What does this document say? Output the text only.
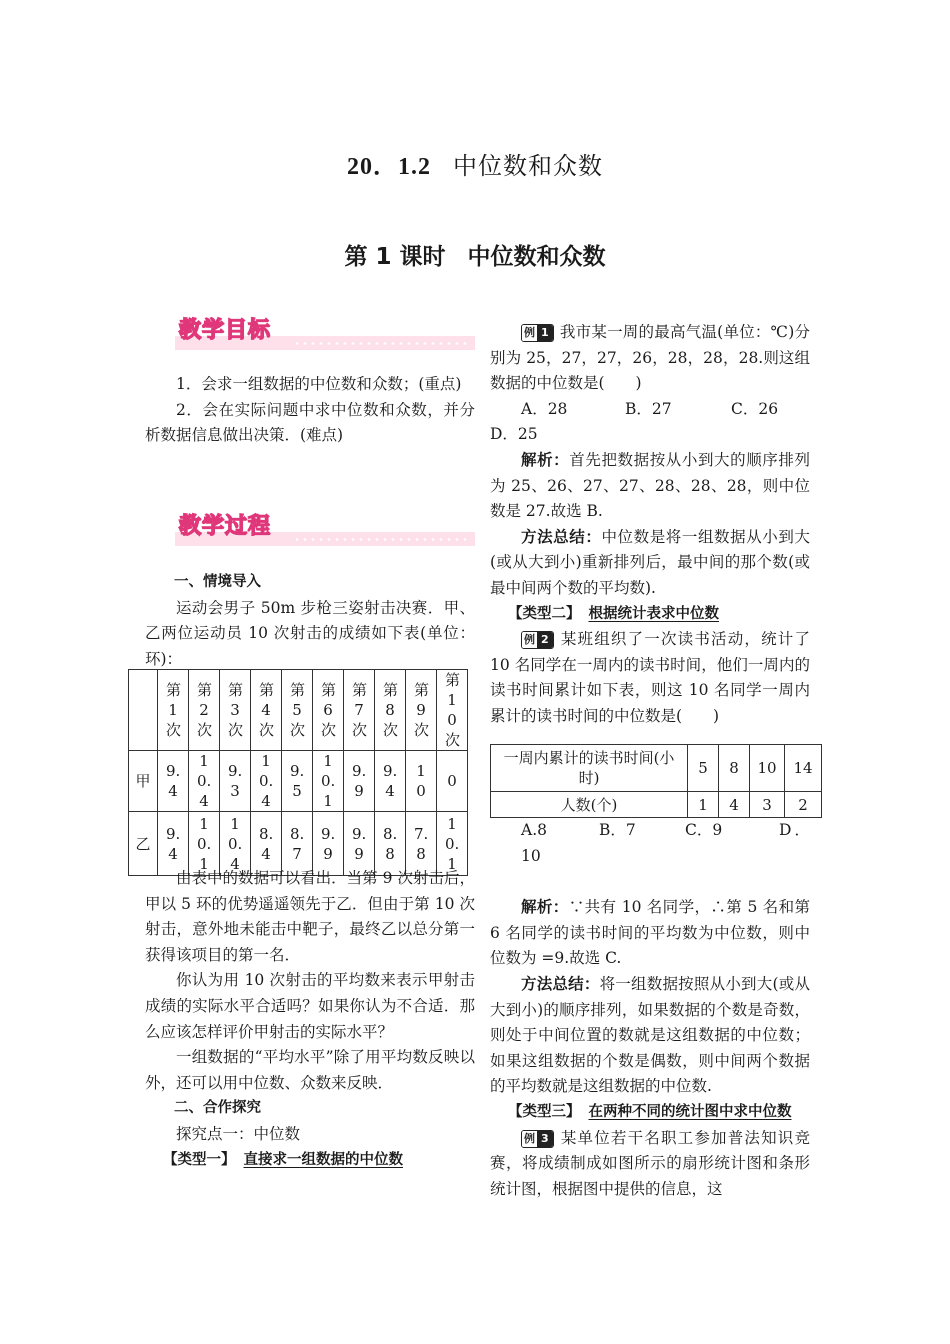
20．1.2 中位数和众数
第 1 课时 中位数和众数
教学目标

1．会求一组数据的中位数和众数；(重点)

2．会在实际问题中求中位数和众数，并分析数据信息做出决策．(难点)

教学过程

一、情境导入

运动会男子 50m 步枪三姿射击决赛．甲、乙两位运动员 10 次射击的成绩如下表(单位：环)：

	第1次	第2次	第3次	第4次	第5次	第6次	第7次	第8次	第9次	第10次
甲	9.4	10.4	9.3	10.4	9.5	10.1	9.9	9.4	10	0
乙	9.4	10.1	10.4	8.4	8.7	9.9	9.9	8.8	7.8	10.1

由表中的数据可以看出．当第 9 次射击后，甲以 5 环的优势遥遥领先于乙．但由于第 10 次射击，意外地未能击中靶子，最终乙以总分第一获得该项目的第一名．

你认为用 10 次射击的平均数来表示甲射击成绩的实际水平合适吗？如果你认为不合适．那么应该怎样评价甲射击的实际水平？

一组数据的“平均水平”除了用平均数反映以外，还可以用中位数、众数来反映．

二、合作探究

探究点一：中位数

【类型一】 直接求一组数据的中位数

例 1 我市某一周的最高气温(单位：℃)分别为 25，27，27，26，28，28，28.则这组数据的中位数是(　　)

A．28	B．27	C．26

D．25

解析：首先把数据按从小到大的顺序排列为 25、26、27、27、28、28、28，则中位数是 27.故选 B.

方法总结：中位数是将一组数据从小到大(或从大到小)重新排列后，最中间的那个数(或最中间两个数的平均数).

【类型二】 根据统计表求中位数

例 2 某班组织了一次读书活动，统计了 10 名同学在一周内的读书时间，他们一周内的读书时间累计如下表，则这 10 名同学一周内累计的读书时间的中位数是(　　)

一周内累计的读书时间(小时)	5	8	10	14
人数(个)	1	4	3	2
A.8	B．7	C．9	D．10

解析：∵共有 10 名同学，∴第 5 名和第 6 名同学的读书时间的平均数为中位数，则中位数为 =9.故选 C.

方法总结：将一组数据按照从小到大(或从大到小)的顺序排列，如果数据的个数是奇数，则处于中间位置的数就是这组数据的中位数；如果这组数据的个数是偶数，则中间两个数据的平均数就是这组数据的中位数.

【类型三】 在两种不同的统计图中求中位数

例 3 某单位若干名职工参加普法知识竞赛，将成绩制成如图所示的扇形统计图和条形统计图，根据图中提供的信息，这
